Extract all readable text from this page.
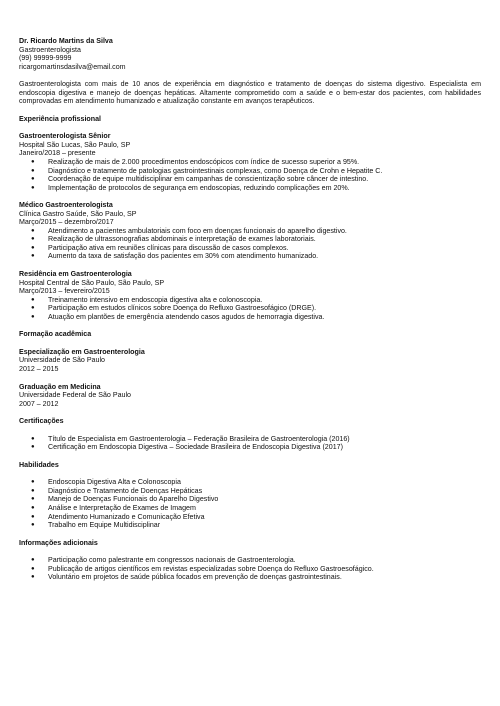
Dr. Ricardo Martins da Silva
Gastroenterologista
(99) 99999-9999
ricargomartinsdasilva@email.com
Gastroenterologista com mais de 10 anos de experiência em diagnóstico e tratamento de doenças do sistema digestivo. Especialista em endoscopia digestiva e manejo de doenças hepáticas. Altamente comprometido com a saúde e o bem-estar dos pacientes, com habilidades comprovadas em atendimento humanizado e atualização constante em avanços terapêuticos.
Experiência profissional
Gastroenterologista Sênior
Hospital São Lucas, São Paulo, SP
Janeiro/2018 – presente
● Realização de mais de 2.000 procedimentos endoscópicos com índice de sucesso superior a 95%.
● Diagnóstico e tratamento de patologias gastrointestinais complexas, como Doença de Crohn e Hepatite C.
● Coordenação de equipe multidisciplinar em campanhas de conscientização sobre câncer de intestino.
● Implementação de protocolos de segurança em endoscopias, reduzindo complicações em 20%.
Médico Gastroenterologista
Clínica Gastro Saúde, São Paulo, SP
Março/2015 – dezembro/2017
● Atendimento a pacientes ambulatoriais com foco em doenças funcionais do aparelho digestivo.
● Realização de ultrassonografias abdominais e interpretação de exames laboratoriais.
● Participação ativa em reuniões clínicas para discussão de casos complexos.
● Aumento da taxa de satisfação dos pacientes em 30% com atendimento humanizado.
Residência em Gastroenterologia
Hospital Central de São Paulo, São Paulo, SP
Março/2013 – fevereiro/2015
● Treinamento intensivo em endoscopia digestiva alta e colonoscopia.
● Participação em estudos clínicos sobre Doença do Refluxo Gastroesofágico (DRGE).
● Atuação em plantões de emergência atendendo casos agudos de hemorragia digestiva.
Formação acadêmica
Especialização em Gastroenterologia
Universidade de São Paulo
2012 – 2015
Graduação em Medicina
Universidade Federal de São Paulo
2007 – 2012
Certificações
● Título de Especialista em Gastroenterologia – Federação Brasileira de Gastroenterologia (2016)
● Certificação em Endoscopia Digestiva – Sociedade Brasileira de Endoscopia Digestiva (2017)
Habilidades
● Endoscopia Digestiva Alta e Colonoscopia
● Diagnóstico e Tratamento de Doenças Hepáticas
● Manejo de Doenças Funcionais do Aparelho Digestivo
● Análise e Interpretação de Exames de Imagem
● Atendimento Humanizado e Comunicação Efetiva
● Trabalho em Equipe Multidisciplinar
Informações adicionais
● Participação como palestrante em congressos nacionais de Gastroenterologia.
● Publicação de artigos científicos em revistas especializadas sobre Doença do Refluxo Gastroesofágico.
● Voluntário em projetos de saúde pública focados em prevenção de doenças gastrointestinais.
